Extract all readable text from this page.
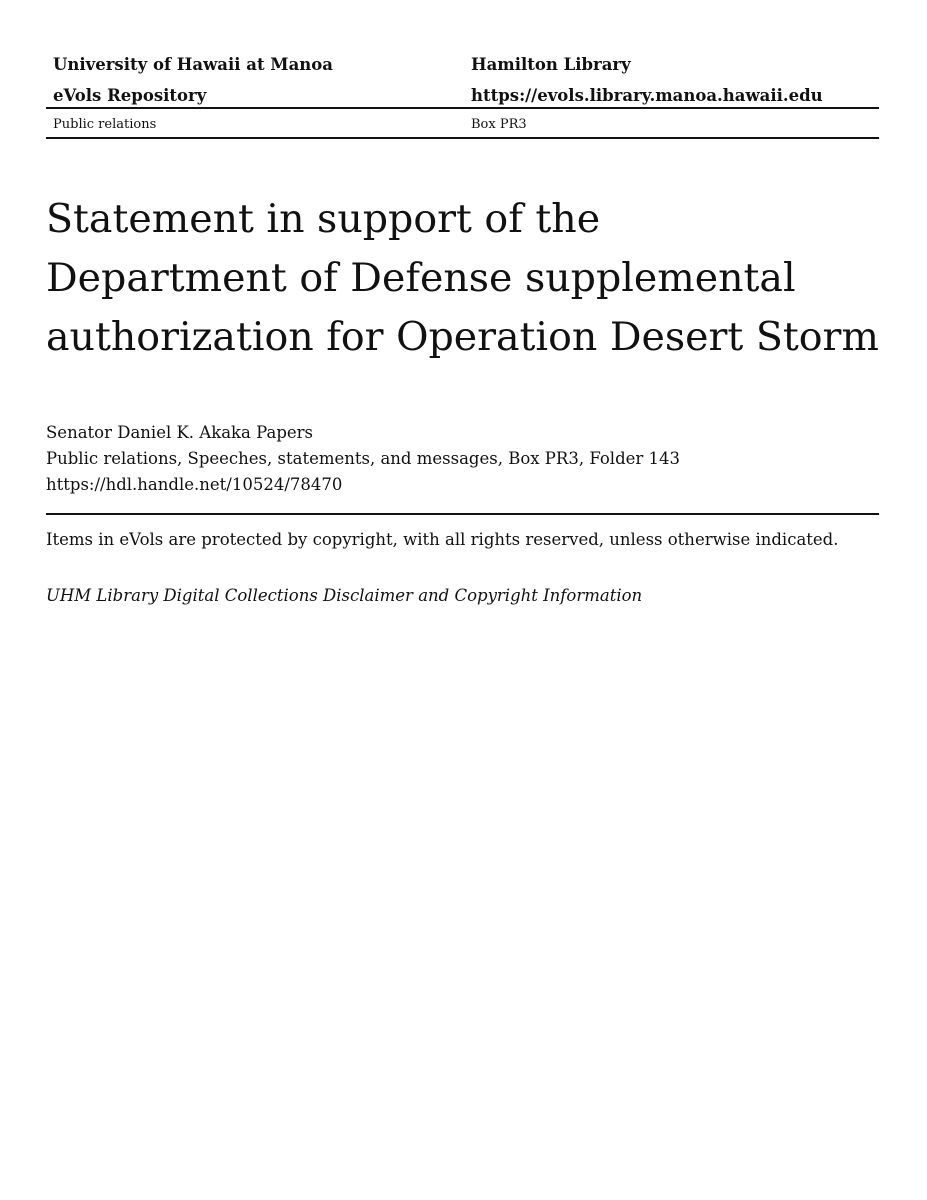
University of Hawaii at Manoa	Hamilton Library
eVols Repository	https://evols.library.manoa.hawaii.edu
Public relations	Box PR3
Statement in support of the
Department of Defense supplemental
authorization for Operation Desert Storm
Senator Daniel K. Akaka Papers
Public relations, Speeches, statements, and messages, Box PR3, Folder 143
https://hdl.handle.net/10524/78470
Items in eVols are protected by copyright, with all rights reserved, unless otherwise indicated.
UHM Library Digital Collections Disclaimer and Copyright Information
